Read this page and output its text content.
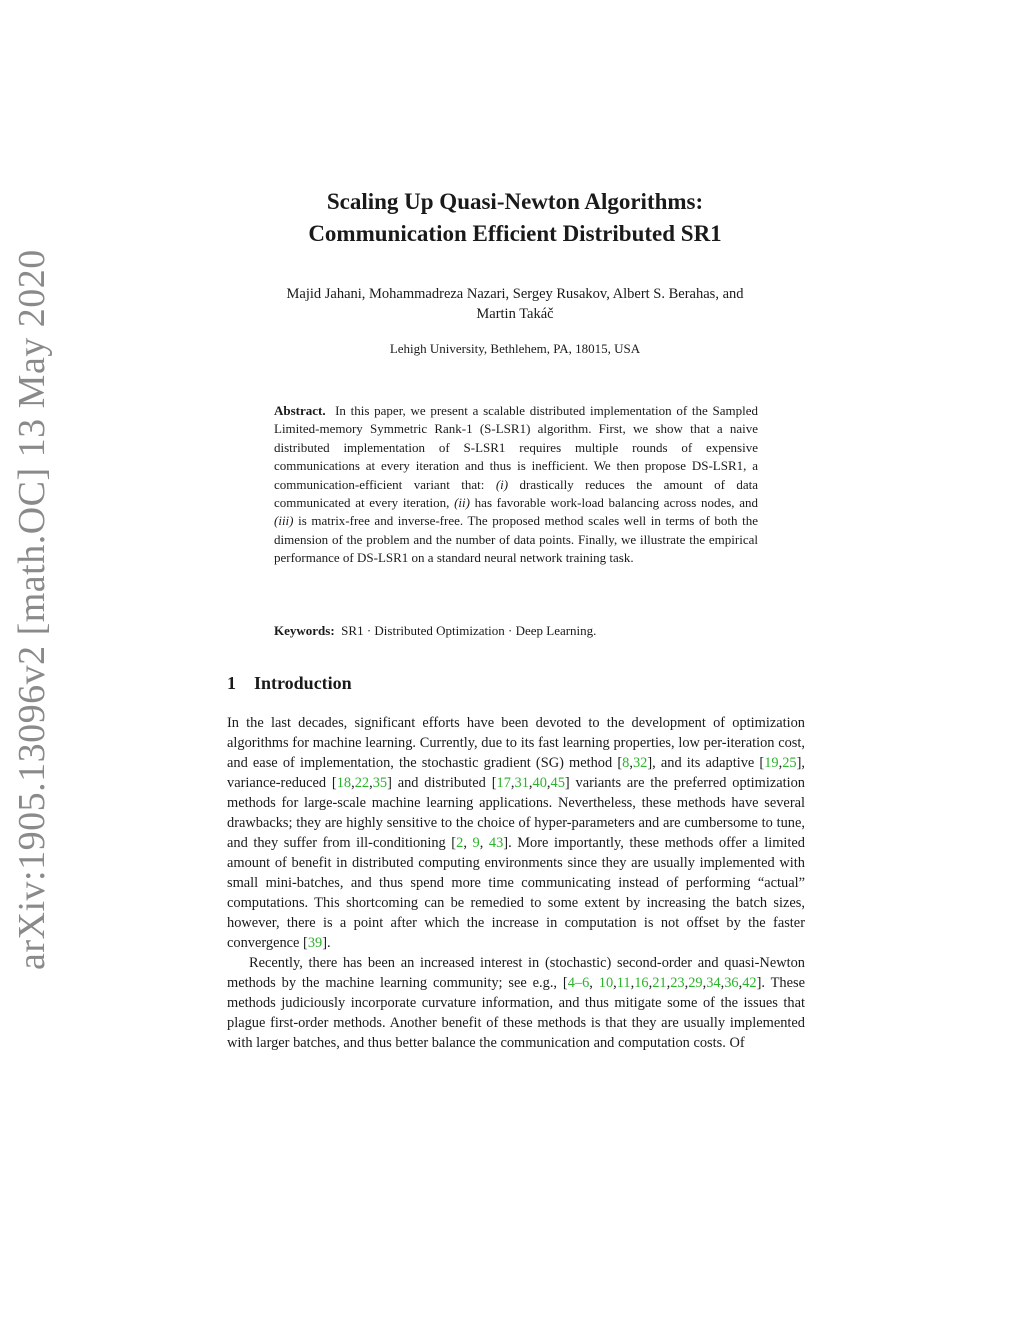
arXiv:1905.13096v2 [math.OC] 13 May 2020
Scaling Up Quasi-Newton Algorithms:
Communication Efficient Distributed SR1
Majid Jahani, Mohammadreza Nazari, Sergey Rusakov, Albert S. Berahas, and
Martin Takáč
Lehigh University, Bethlehem, PA, 18015, USA
Abstract. In this paper, we present a scalable distributed implementation of the Sampled Limited-memory Symmetric Rank-1 (S-LSR1) algorithm. First, we show that a naive distributed implementation of S-LSR1 requires multiple rounds of expensive communications at every iteration and thus is inefficient. We then propose DS-LSR1, a communication-efficient variant that: (i) drastically reduces the amount of data communicated at every iteration, (ii) has favorable work-load balancing across nodes, and (iii) is matrix-free and inverse-free. The proposed method scales well in terms of both the dimension of the problem and the number of data points. Finally, we illustrate the empirical performance of DS-LSR1 on a standard neural network training task.
Keywords: SR1 · Distributed Optimization · Deep Learning.
1 Introduction

In the last decades, significant efforts have been devoted to the development of optimization algorithms for machine learning. Currently, due to its fast learning properties, low per-iteration cost, and ease of implementation, the stochastic gradient (SG) method [8,32], and its adaptive [19,25], variance-reduced [18,22,35] and distributed [17,31,40,45] variants are the preferred optimization methods for large-scale machine learning applications. Nevertheless, these methods have several drawbacks; they are highly sensitive to the choice of hyper-parameters and are cumbersome to tune, and they suffer from ill-conditioning [2, 9, 43]. More importantly, these methods offer a limited amount of benefit in distributed computing environments since they are usually implemented with small mini-batches, and thus spend more time communicating instead of performing “actual” computations. This shortcoming can be remedied to some extent by increasing the batch sizes, however, there is a point after which the increase in computation is not offset by the faster convergence [39].

Recently, there has been an increased interest in (stochastic) second-order and quasi-Newton methods by the machine learning community; see e.g., [4–6, 10,11,16,21,23,29,34,36,42]. These methods judiciously incorporate curvature information, and thus mitigate some of the issues that plague first-order methods. Another benefit of these methods is that they are usually implemented with larger batches, and thus better balance the communication and computation costs. Of
